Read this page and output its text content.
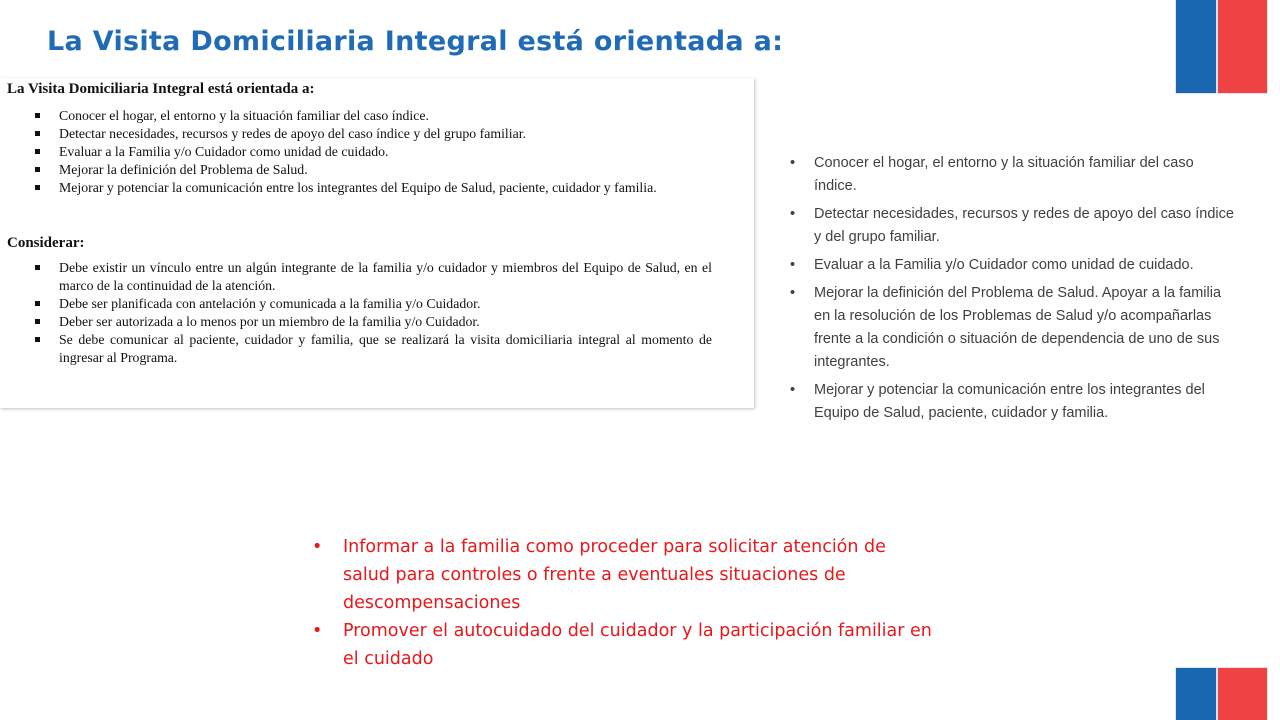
La Visita Domiciliaria Integral está orientada a:

La Visita Domiciliaria Integral está orientada a:

Conocer el hogar, el entorno y la situación familiar del caso índice.
Detectar necesidades, recursos y redes de apoyo del caso índice y del grupo familiar.
Evaluar a la Familia y/o Cuidador como unidad de cuidado.
Mejorar la definición del Problema de Salud.
Mejorar y potenciar la comunicación entre los integrantes del Equipo de Salud, paciente, cuidador y familia.

Considerar:

Debe existir un vínculo entre un algún integrante de la familia y/o cuidador y miembros del Equipo de Salud, en el marco de la continuidad de la atención.
Debe ser planificada con antelación y comunicada a la familia y/o Cuidador.
Deber ser autorizada a lo menos por un miembro de la familia y/o Cuidador.
Se debe comunicar al paciente, cuidador y familia, que se realizará la visita domiciliaria integral al momento de ingresar al Programa.
• Conocer el hogar, el entorno y la situación familiar del caso índice.
• Detectar necesidades, recursos y redes de apoyo del caso índice y del grupo familiar.
• Evaluar a la Familia y/o Cuidador como unidad de cuidado.
• Mejorar la definición del Problema de Salud. Apoyar a la familia en la resolución de los Problemas de Salud y/o acompañarlas frente a la condición o situación de dependencia de uno de sus integrantes.
• Mejorar y potenciar la comunicación entre los integrantes del Equipo de Salud, paciente, cuidador y familia.
• Informar a la familia como proceder para solicitar atención de salud para controles o frente a eventuales situaciones de descompensaciones
• Promover el autocuidado del cuidador y la participación familiar en el cuidado
